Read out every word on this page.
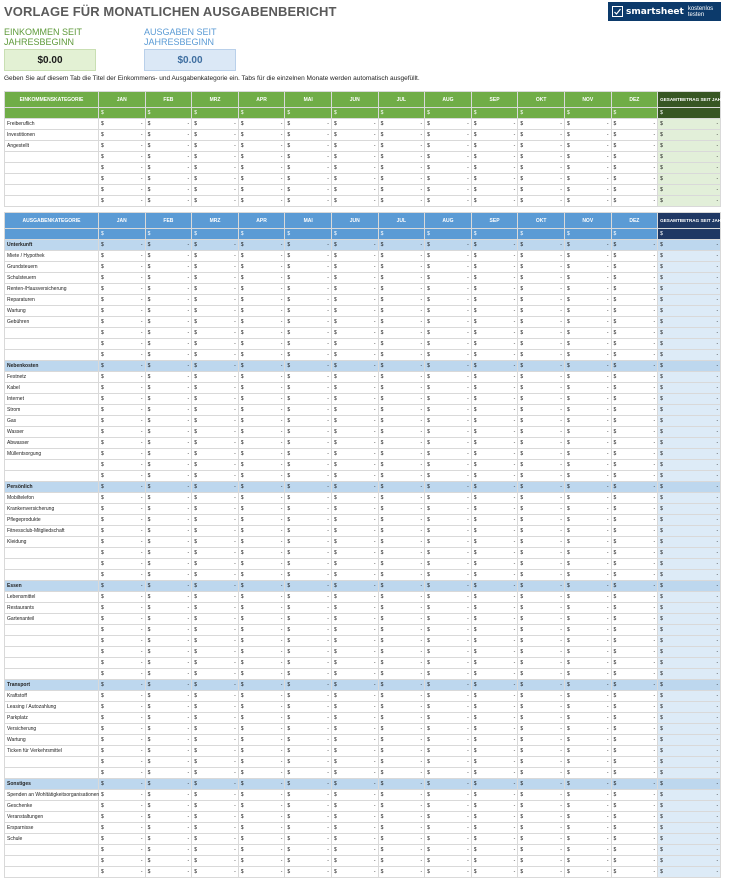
VORLAGE FÜR MONATLICHEN AUSGABENBERICHT	smartsheet kostenlos testen
EINKOMMEN SEIT JAHRESBEGINN
$0.00
AUSGABEN SEIT JAHRESBEGINN
$0.00
Geben Sie auf diesem Tab die Titel der Einkommens- und Ausgabenkategorie ein. Tabs für die einzelnen Monate werden automatisch ausgefüllt.
EINKOMMENSKATEGORIE	JAN	FEB	MRZ	APR	MAI	JUN	JUL	AUG	SEP	OKT	NOV	DEZ	GESAMTBETRAG SEIT JAHRESBEGINN
	$	$	$	$	$	$	$	$	$	$	$	$	$
Freiberuflich	$ -	$ -	$ -	$ -	$ -	$ -	$ -	$ -	$ -	$ -	$ -	$ -	$ -

Investitionen	$ -	$ -	$ -	$ -	$ -	$ -	$ -	$ -	$ -	$ -	$ -	$ -	$ -

Angestellt	$ -	$ -	$ -	$ -	$ -	$ -	$ -	$ -	$ -	$ -	$ -	$ -	$ -

	$ -	$ -	$ -	$ -	$ -	$ -	$ -	$ -	$ -	$ -	$ -	$ -	$ -

	$ -	$ -	$ -	$ -	$ -	$ -	$ -	$ -	$ -	$ -	$ -	$ -	$ -

	$ -	$ -	$ -	$ -	$ -	$ -	$ -	$ -	$ -	$ -	$ -	$ -	$ -

	$ -	$ -	$ -	$ -	$ -	$ -	$ -	$ -	$ -	$ -	$ -	$ -	$ -

	$ -	$ -	$ -	$ -	$ -	$ -	$ -	$ -	$ -	$ -	$ -	$ -	$ -
AUSGABENKATEGORIE	JAN	FEB	MRZ	APR	MAI	JUN	JUL	AUG	SEP	OKT	NOV	DEZ	GESAMTBETRAG SEIT JAHRESBEGINN
	$	$	$	$	$	$	$	$	$	$	$	$	$
Unterkunft	$ -	$ -	$ -	$ -	$ -	$ -	$ -	$ -	$ -	$ -	$ -	$ -	$ -

Miete / Hypothek	$ -	$ -	$ -	$ -	$ -	$ -	$ -	$ -	$ -	$ -	$ -	$ -	$ -

Grundsteuern	$ -	$ -	$ -	$ -	$ -	$ -	$ -	$ -	$ -	$ -	$ -	$ -	$ -

Schulsteuern	$ -	$ -	$ -	$ -	$ -	$ -	$ -	$ -	$ -	$ -	$ -	$ -	$ -

Renten-/Hausversicherung	$ -	$ -	$ -	$ -	$ -	$ -	$ -	$ -	$ -	$ -	$ -	$ -	$ -

Reparaturen	$ -	$ -	$ -	$ -	$ -	$ -	$ -	$ -	$ -	$ -	$ -	$ -	$ -

Wartung	$ -	$ -	$ -	$ -	$ -	$ -	$ -	$ -	$ -	$ -	$ -	$ -	$ -

Gebühren	$ -	$ -	$ -	$ -	$ -	$ -	$ -	$ -	$ -	$ -	$ -	$ -	$ -

	$ -	$ -	$ -	$ -	$ -	$ -	$ -	$ -	$ -	$ -	$ -	$ -	$ -

	$ -	$ -	$ -	$ -	$ -	$ -	$ -	$ -	$ -	$ -	$ -	$ -	$ -

	$ -	$ -	$ -	$ -	$ -	$ -	$ -	$ -	$ -	$ -	$ -	$ -	$ -

Nebenkosten	$ -	$ -	$ -	$ -	$ -	$ -	$ -	$ -	$ -	$ -	$ -	$ -	$ -

Festnetz	$ -	$ -	$ -	$ -	$ -	$ -	$ -	$ -	$ -	$ -	$ -	$ -	$ -

Kabel	$ -	$ -	$ -	$ -	$ -	$ -	$ -	$ -	$ -	$ -	$ -	$ -	$ -

Internet	$ -	$ -	$ -	$ -	$ -	$ -	$ -	$ -	$ -	$ -	$ -	$ -	$ -

Strom	$ -	$ -	$ -	$ -	$ -	$ -	$ -	$ -	$ -	$ -	$ -	$ -	$ -

Gas	$ -	$ -	$ -	$ -	$ -	$ -	$ -	$ -	$ -	$ -	$ -	$ -	$ -

Wasser	$ -	$ -	$ -	$ -	$ -	$ -	$ -	$ -	$ -	$ -	$ -	$ -	$ -

Abwasser	$ -	$ -	$ -	$ -	$ -	$ -	$ -	$ -	$ -	$ -	$ -	$ -	$ -

Müllentsorgung	$ -	$ -	$ -	$ -	$ -	$ -	$ -	$ -	$ -	$ -	$ -	$ -	$ -

	$ -	$ -	$ -	$ -	$ -	$ -	$ -	$ -	$ -	$ -	$ -	$ -	$ -

	$ -	$ -	$ -	$ -	$ -	$ -	$ -	$ -	$ -	$ -	$ -	$ -	$ -

Persönlich	$ -	$ -	$ -	$ -	$ -	$ -	$ -	$ -	$ -	$ -	$ -	$ -	$ -

Mobiltelefon	$ -	$ -	$ -	$ -	$ -	$ -	$ -	$ -	$ -	$ -	$ -	$ -	$ -

Krankenversicherung	$ -	$ -	$ -	$ -	$ -	$ -	$ -	$ -	$ -	$ -	$ -	$ -	$ -

Pflegeprodukte	$ -	$ -	$ -	$ -	$ -	$ -	$ -	$ -	$ -	$ -	$ -	$ -	$ -

Fitnessclub-Mitgliedschaft	$ -	$ -	$ -	$ -	$ -	$ -	$ -	$ -	$ -	$ -	$ -	$ -	$ -

Kleidung	$ -	$ -	$ -	$ -	$ -	$ -	$ -	$ -	$ -	$ -	$ -	$ -	$ -

	$ -	$ -	$ -	$ -	$ -	$ -	$ -	$ -	$ -	$ -	$ -	$ -	$ -

	$ -	$ -	$ -	$ -	$ -	$ -	$ -	$ -	$ -	$ -	$ -	$ -	$ -

	$ -	$ -	$ -	$ -	$ -	$ -	$ -	$ -	$ -	$ -	$ -	$ -	$ -

Essen	$ -	$ -	$ -	$ -	$ -	$ -	$ -	$ -	$ -	$ -	$ -	$ -	$ -

Lebensmittel	$ -	$ -	$ -	$ -	$ -	$ -	$ -	$ -	$ -	$ -	$ -	$ -	$ -

Restaurants	$ -	$ -	$ -	$ -	$ -	$ -	$ -	$ -	$ -	$ -	$ -	$ -	$ -

Gartenanteil	$ -	$ -	$ -	$ -	$ -	$ -	$ -	$ -	$ -	$ -	$ -	$ -	$ -

	$ -	$ -	$ -	$ -	$ -	$ -	$ -	$ -	$ -	$ -	$ -	$ -	$ -

	$ -	$ -	$ -	$ -	$ -	$ -	$ -	$ -	$ -	$ -	$ -	$ -	$ -

	$ -	$ -	$ -	$ -	$ -	$ -	$ -	$ -	$ -	$ -	$ -	$ -	$ -

	$ -	$ -	$ -	$ -	$ -	$ -	$ -	$ -	$ -	$ -	$ -	$ -	$ -

	$ -	$ -	$ -	$ -	$ -	$ -	$ -	$ -	$ -	$ -	$ -	$ -	$ -

Transport	$ -	$ -	$ -	$ -	$ -	$ -	$ -	$ -	$ -	$ -	$ -	$ -	$ -

Kraftstoff	$ -	$ -	$ -	$ -	$ -	$ -	$ -	$ -	$ -	$ -	$ -	$ -	$ -

Leasing / Autozahlung	$ -	$ -	$ -	$ -	$ -	$ -	$ -	$ -	$ -	$ -	$ -	$ -	$ -

Parkplatz	$ -	$ -	$ -	$ -	$ -	$ -	$ -	$ -	$ -	$ -	$ -	$ -	$ -

Versicherung	$ -	$ -	$ -	$ -	$ -	$ -	$ -	$ -	$ -	$ -	$ -	$ -	$ -

Wartung	$ -	$ -	$ -	$ -	$ -	$ -	$ -	$ -	$ -	$ -	$ -	$ -	$ -

Ticken für Verkehrsmittel	$ -	$ -	$ -	$ -	$ -	$ -	$ -	$ -	$ -	$ -	$ -	$ -	$ -

	$ -	$ -	$ -	$ -	$ -	$ -	$ -	$ -	$ -	$ -	$ -	$ -	$ -

	$ -	$ -	$ -	$ -	$ -	$ -	$ -	$ -	$ -	$ -	$ -	$ -	$ -

Sonstiges	$ -	$ -	$ -	$ -	$ -	$ -	$ -	$ -	$ -	$ -	$ -	$ -	$ -

Spenden an Wohltätigkeitsorganisationen	$ -	$ -	$ -	$ -	$ -	$ -	$ -	$ -	$ -	$ -	$ -	$ -	$ -

Geschenke	$ -	$ -	$ -	$ -	$ -	$ -	$ -	$ -	$ -	$ -	$ -	$ -	$ -

Veranstaltungen	$ -	$ -	$ -	$ -	$ -	$ -	$ -	$ -	$ -	$ -	$ -	$ -	$ -

Ersparnisse	$ -	$ -	$ -	$ -	$ -	$ -	$ -	$ -	$ -	$ -	$ -	$ -	$ -

Schule	$ -	$ -	$ -	$ -	$ -	$ -	$ -	$ -	$ -	$ -	$ -	$ -	$ -

	$ -	$ -	$ -	$ -	$ -	$ -	$ -	$ -	$ -	$ -	$ -	$ -	$ -

	$ -	$ -	$ -	$ -	$ -	$ -	$ -	$ -	$ -	$ -	$ -	$ -	$ -

	$ -	$ -	$ -	$ -	$ -	$ -	$ -	$ -	$ -	$ -	$ -	$ -	$ -
